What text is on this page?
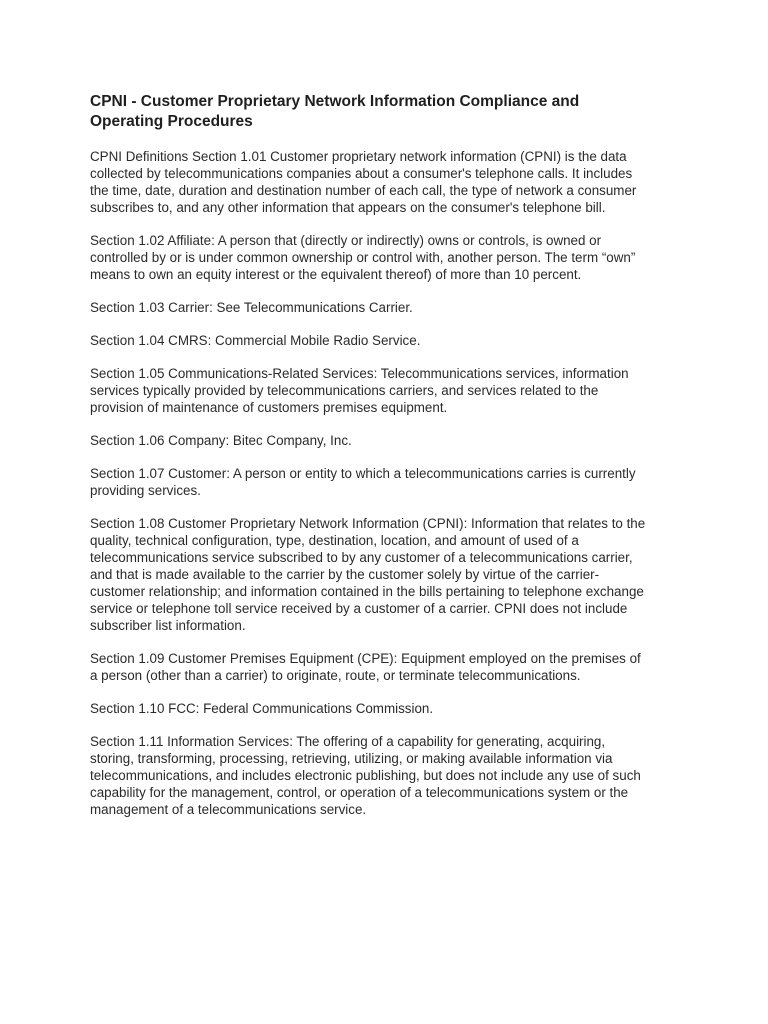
CPNI - Customer Proprietary Network Information Compliance and Operating Procedures

CPNI Definitions Section 1.01 Customer proprietary network information (CPNI) is the data collected by telecommunications companies about a consumer's telephone calls. It includes the time, date, duration and destination number of each call, the type of network a consumer subscribes to, and any other information that appears on the consumer's telephone bill.

Section 1.02 Affiliate: A person that (directly or indirectly) owns or controls, is owned or controlled by or is under common ownership or control with, another person. The term “own” means to own an equity interest or the equivalent thereof) of more than 10 percent.

Section 1.03 Carrier: See Telecommunications Carrier.

Section 1.04 CMRS: Commercial Mobile Radio Service.

Section 1.05 Communications-Related Services: Telecommunications services, information services typically provided by telecommunications carriers, and services related to the provision of maintenance of customers premises equipment.

Section 1.06 Company: Bitec Company, Inc.

Section 1.07 Customer: A person or entity to which a telecommunications carries is currently providing services.

Section 1.08 Customer Proprietary Network Information (CPNI): Information that relates to the quality, technical configuration, type, destination, location, and amount of used of a telecommunications service subscribed to by any customer of a telecommunications carrier, and that is made available to the carrier by the customer solely by virtue of the carrier-customer relationship; and information contained in the bills pertaining to telephone exchange service or telephone toll service received by a customer of a carrier. CPNI does not include subscriber list information.

Section 1.09 Customer Premises Equipment (CPE): Equipment employed on the premises of a person (other than a carrier) to originate, route, or terminate telecommunications.

Section 1.10 FCC: Federal Communications Commission.

Section 1.11 Information Services: The offering of a capability for generating, acquiring, storing, transforming, processing, retrieving, utilizing, or making available information via telecommunications, and includes electronic publishing, but does not include any use of such capability for the management, control, or operation of a telecommunications system or the management of a telecommunications service.
